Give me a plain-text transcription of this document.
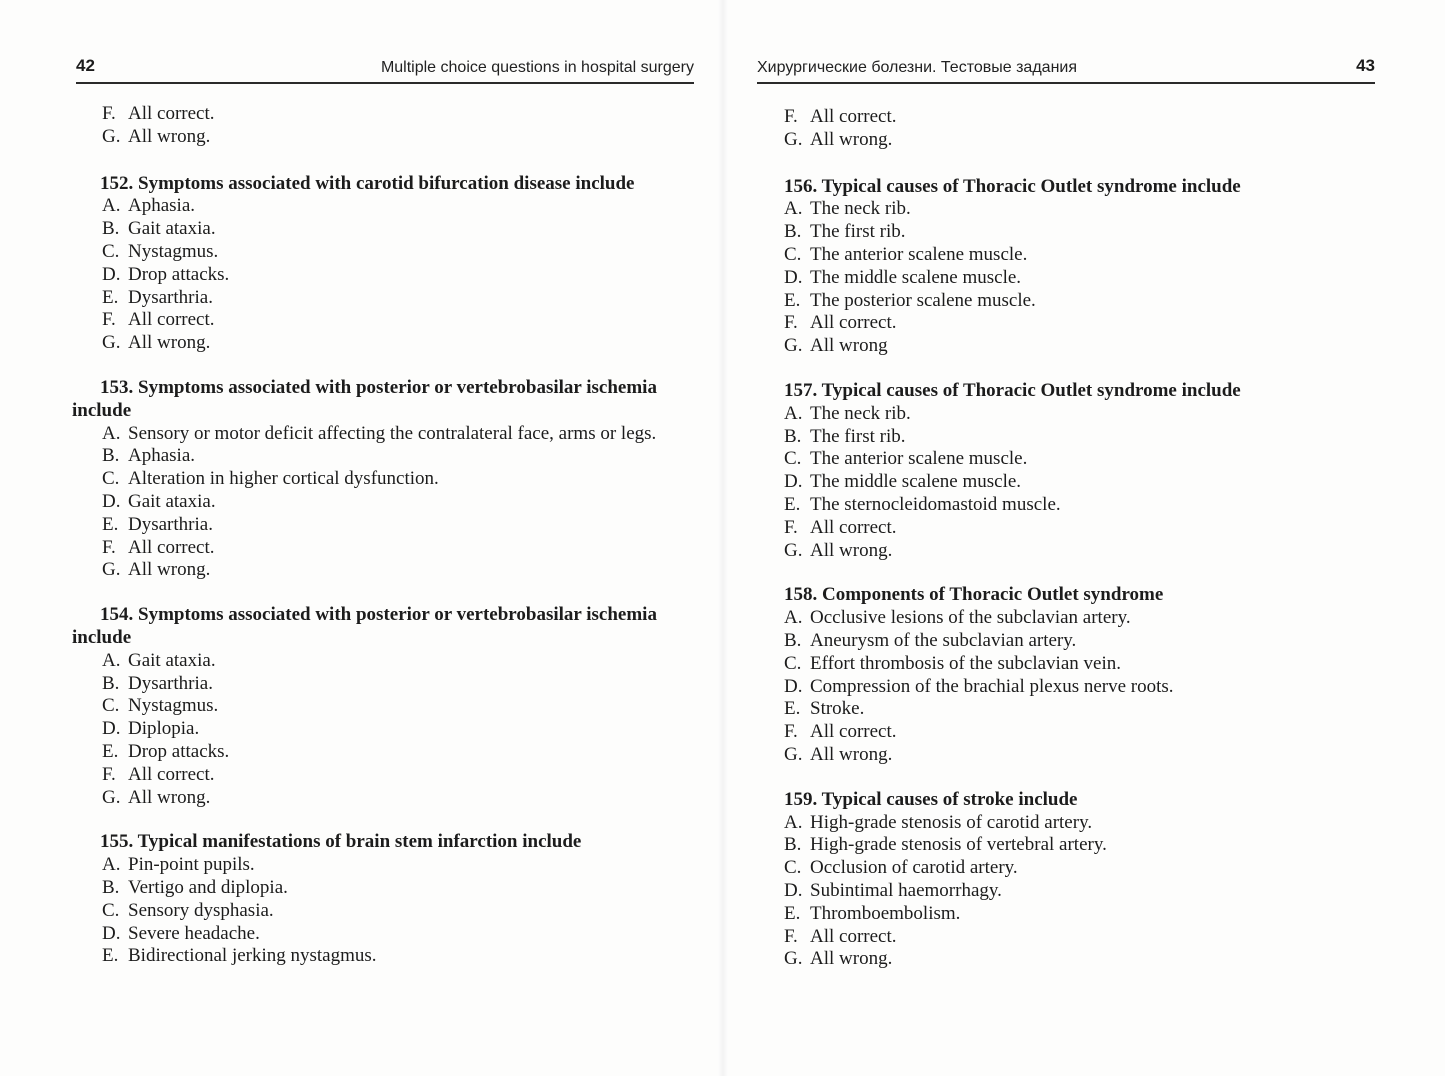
42	Multiple choice questions in hospital surgery
F. All correct.
G. All wrong.
152. Symptoms associated with carotid bifurcation disease include
A. Aphasia.
B. Gait ataxia.
C. Nystagmus.
D. Drop attacks.
E. Dysarthria.
F. All correct.
G. All wrong.
153. Symptoms associated with posterior or vertebrobasilar ischemia include
A. Sensory or motor deficit affecting the contralateral face, arms or legs.
B. Aphasia.
C. Alteration in higher cortical dysfunction.
D. Gait ataxia.
E. Dysarthria.
F. All correct.
G. All wrong.
154. Symptoms associated with posterior or vertebrobasilar ischemia include
A. Gait ataxia.
B. Dysarthria.
C. Nystagmus.
D. Diplopia.
E. Drop attacks.
F. All correct.
G. All wrong.
155. Typical manifestations of brain stem infarction include
A. Pin-point pupils.
B. Vertigo and diplopia.
C. Sensory dysphasia.
D. Severe headache.
E. Bidirectional jerking nystagmus.
Хирургические болезни. Тестовые задания	43
F. All correct.
G. All wrong.
156. Typical causes of Thoracic Outlet syndrome include
A. The neck rib.
B. The first rib.
C. The anterior scalene muscle.
D. The middle scalene muscle.
E. The posterior scalene muscle.
F. All correct.
G. All wrong
157. Typical causes of Thoracic Outlet syndrome include
A. The neck rib.
B. The first rib.
C. The anterior scalene muscle.
D. The middle scalene muscle.
E. The sternocleidomastoid muscle.
F. All correct.
G. All wrong.
158. Components of Thoracic Outlet syndrome
A. Occlusive lesions of the subclavian artery.
B. Aneurysm of the subclavian artery.
C. Effort thrombosis of the subclavian vein.
D. Compression of the brachial plexus nerve roots.
E. Stroke.
F. All correct.
G. All wrong.
159. Typical causes of stroke include
A. High-grade stenosis of carotid artery.
B. High-grade stenosis of vertebral artery.
C. Occlusion of carotid artery.
D. Subintimal haemorrhagy.
E. Thromboembolism.
F. All correct.
G. All wrong.
